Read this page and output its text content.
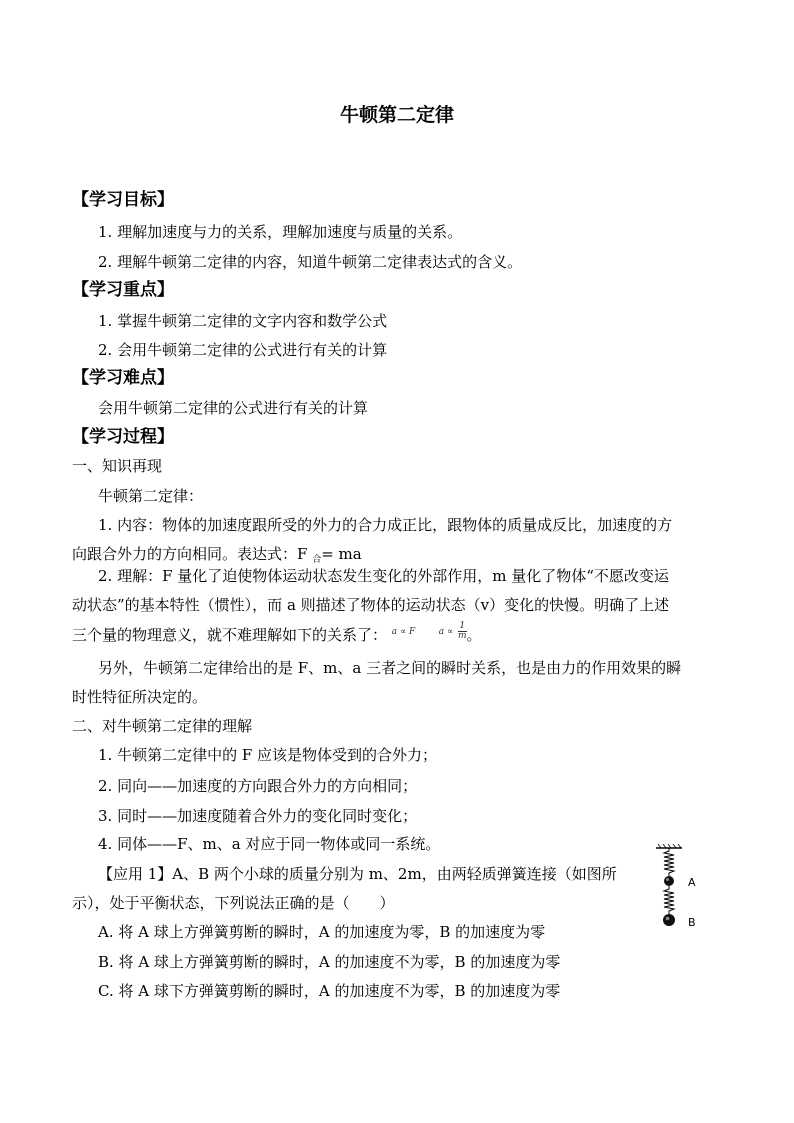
牛顿第二定律
【学习目标】
1. 理解加速度与力的关系，理解加速度与质量的关系。
2. 理解牛顿第二定律的内容，知道牛顿第二定律表达式的含义。
【学习重点】
1. 掌握牛顿第二定律的文字内容和数学公式
2. 会用牛顿第二定律的公式进行有关的计算
【学习难点】
会用牛顿第二定律的公式进行有关的计算
【学习过程】
一、知识再现
牛顿第二定律：
1. 内容：物体的加速度跟所受的外力的合力成正比，跟物体的质量成反比，加速度的方
向跟合外力的方向相同。表达式：F $_合$= ma
2. 理解：F 量化了迫使物体运动状态发生变化的外部作用，m 量化了物体“不愿改变运
动状态”的基本特性（惯性），而 a 则描述了物体的运动状态（v）变化的快慢。明确了上述
三个量的物理意义，就不难理解如下的关系了： a ∝ F	$a \propto \frac{1}{m}$ 。
另外，牛顿第二定律给出的是 F、m、a 三者之间的瞬时关系，也是由力的作用效果的瞬
时性特征所决定的。
二、对牛顿第二定律的理解
1. 牛顿第二定律中的 F 应该是物体受到的合外力；
2. 同向——加速度的方向跟合外力的方向相同；
3. 同时——加速度随着合外力的变化同时变化；
4. 同体——F、m、a 对应于同一物体或同一系统。
【应用 1】A、B 两个小球的质量分别为 m、2m，由两轻质弹簧连接（如图所
示），处于平衡状态，下列说法正确的是（　　）
A. 将 A 球上方弹簧剪断的瞬时，A 的加速度为零，B 的加速度为零
B. 将 A 球上方弹簧剪断的瞬时，A 的加速度不为零，B 的加速度为零
C. 将 A 球下方弹簧剪断的瞬时，A 的加速度不为零，B 的加速度为零
A
B
